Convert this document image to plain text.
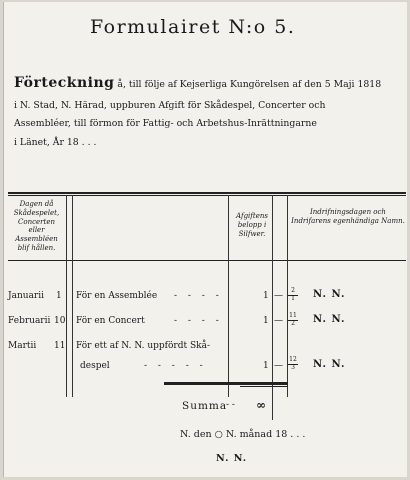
Formulairet N:o 5.
Förteckning å, till följe af Kejserliga Kungörelsen af den 5 Maji 1818
i N. Stad, N. Härad, uppburen Afgift för Skådespel, Concerter och
Assembléer, till förmon för Fattig- och Arbetshus-Inrättningarne
i Länet, År 18 . . .
Dagen då Skådespelet, Concerten eller Assembléen blif hållen.
Afgiftens belopp i Silfwer.
Indrifningsdagen och Indrifarens egenhändiga Namn.
Januarii 1 För en Assemblée - - - -	1 — $\frac{2}{1} N$. N.
Februarii 10 För en Concert	- - - -	1 — $\frac{11}{2} N$. N.
Martii 11 För ett af N. N. uppfördt Skå-
despel	- - - - -	1 — $\frac{12}{3} N$. N.
Summa
- - ∞
N. den ○ N. månad 18 . . .
N. N.
